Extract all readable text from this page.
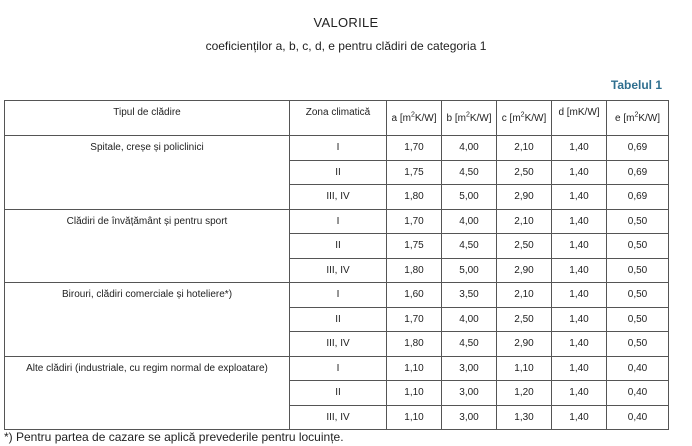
VALORILE
coeficienților a, b, c, d, e pentru clădiri de categoria 1
Tabelul 1
Tipul de clădire	Zona climatică	a $[m^2K/W]$	b $[m^2K/W]$	c $[m^2K/W]$	d [mK/W]	e $[m^2K/W]$
Spitale, creșe și policlinici	I	1,70	4,00	2,10	1,40	0,69
	II	1,75	4,50	2,50	1,40	0,69
	III, IV	1,80	5,00	2,90	1,40	0,69
Clădiri de învățământ și pentru sport	I	1,70	4,00	2,10	1,40	0,50
	II	1,75	4,50	2,50	1,40	0,50
	III, IV	1,80	5,00	2,90	1,40	0,50
Birouri, clădiri comerciale și hoteliere*)	I	1,60	3,50	2,10	1,40	0,50
	II	1,70	4,00	2,50	1,40	0,50
	III, IV	1,80	4,50	2,90	1,40	0,50
Alte clădiri (industriale, cu regim normal de exploatare)	I	1,10	3,00	1,10	1,40	0,40
	II	1,10	3,00	1,20	1,40	0,40
	III, IV	1,10	3,00	1,30	1,40	0,40
*) Pentru partea de cazare se aplică prevederile pentru locuințe.
